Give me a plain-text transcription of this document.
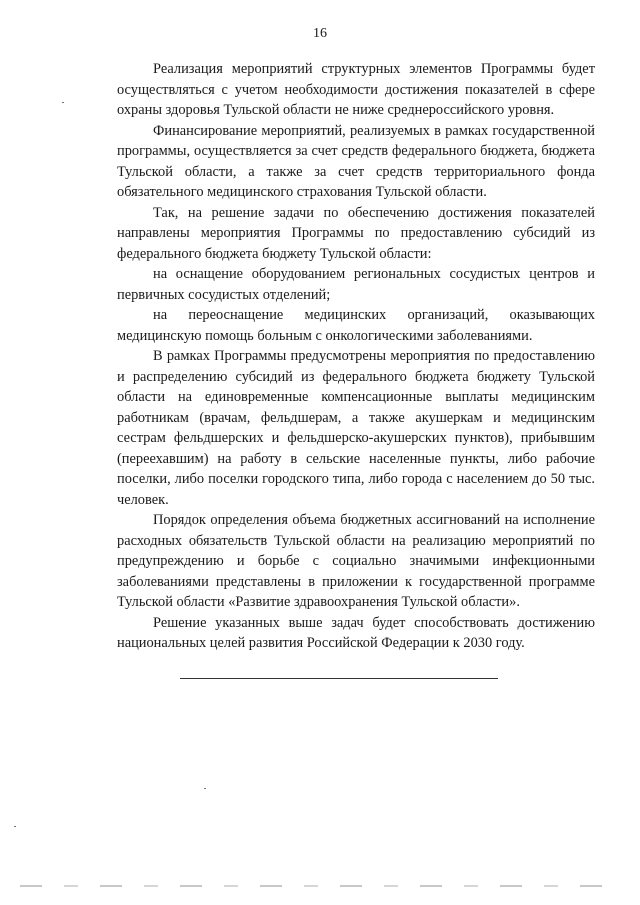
16

Реализация мероприятий структурных элементов Программы будет осуществляться с учетом необходимости достижения показателей в сфере охраны здоровья Тульской области не ниже среднероссийского уровня.

Финансирование мероприятий, реализуемых в рамках государственной программы, осуществляется за счет средств федерального бюджета, бюджета Тульской области, а также за счет средств территориального фонда обязательного медицинского страхования Тульской области.

Так, на решение задачи по обеспечению достижения показателей направлены мероприятия Программы по предоставлению субсидий из федерального бюджета бюджету Тульской области:

на оснащение оборудованием региональных сосудистых центров и первичных сосудистых отделений;

на переоснащение медицинских организаций, оказывающих медицинскую помощь больным с онкологическими заболеваниями.

В рамках Программы предусмотрены мероприятия по предоставлению и распределению субсидий из федерального бюджета бюджету Тульской области на единовременные компенсационные выплаты медицинским работникам (врачам, фельдшерам, а также акушеркам и медицинским сестрам фельдшерских и фельдшерско-акушерских пунктов), прибывшим (переехавшим) на работу в сельские населенные пункты, либо рабочие поселки, либо поселки городского типа, либо города с населением до 50 тыс. человек.

Порядок определения объема бюджетных ассигнований на исполнение расходных обязательств Тульской области на реализацию мероприятий по предупреждению и борьбе с социально значимыми инфекционными заболеваниями представлены в приложении к государственной программе Тульской области «Развитие здравоохранения Тульской области».

Решение указанных выше задач будет способствовать достижению национальных целей развития Российской Федерации к 2030 году.
